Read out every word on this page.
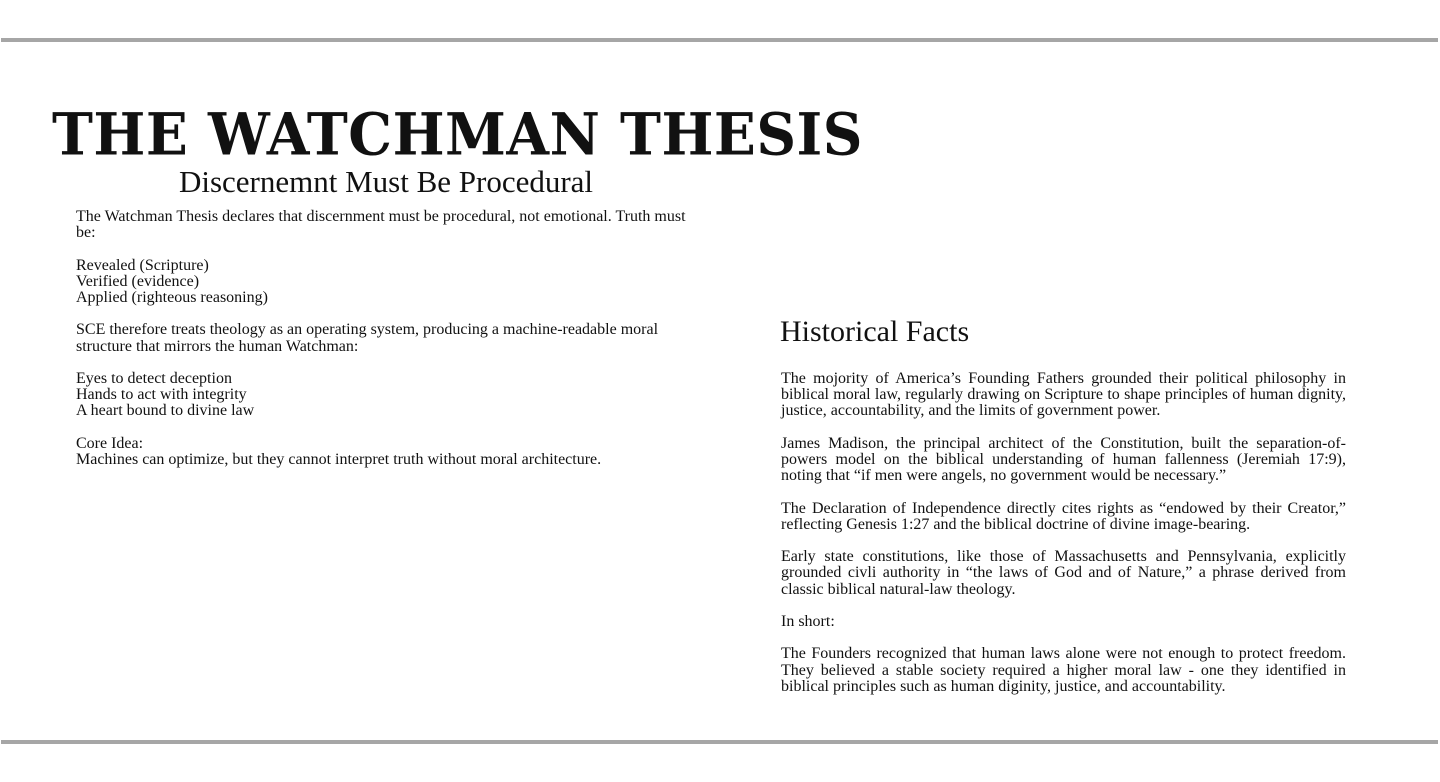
THE WATCHMAN THESIS
Discernemnt Must Be Procedural

The Watchman Thesis declares that discernment must be procedural, not emotional. Truth must be:

Revealed (Scripture)
Verified (evidence)
Applied (righteous reasoning)

SCE therefore treats theology as an operating system, producing a machine-readable moral structure that mirrors the human Watchman:

Eyes to detect deception
Hands to act with integrity
A heart bound to divine law

Core Idea:
Machines can optimize, but they cannot interpret truth without moral architecture.

Historical Facts

The mojority of America’s Founding Fathers grounded their political philosophy in biblical moral law, regularly drawing on Scripture to shape principles of human dignity, justice, accountability, and the limits of government power.

James Madison, the principal architect of the Constitution, built the separation-of-powers model on the biblical understanding of human fallenness (Jeremiah 17:9), noting that “if men were angels, no government would be necessary.”

The Declaration of Independence directly cites rights as “endowed by their Creator,” reflecting Genesis 1:27 and the biblical doctrine of divine image-bearing.

Early state constitutions, like those of Massachusetts and Pennsylvania, explicitly grounded civli authority in “the laws of God and of Nature,” a phrase derived from classic biblical natural-law theology.

In short:

The Founders recognized that human laws alone were not enough to protect freedom. They believed a stable society required a higher moral law - one they identified in biblical principles such as human diginity, justice, and accountability.
